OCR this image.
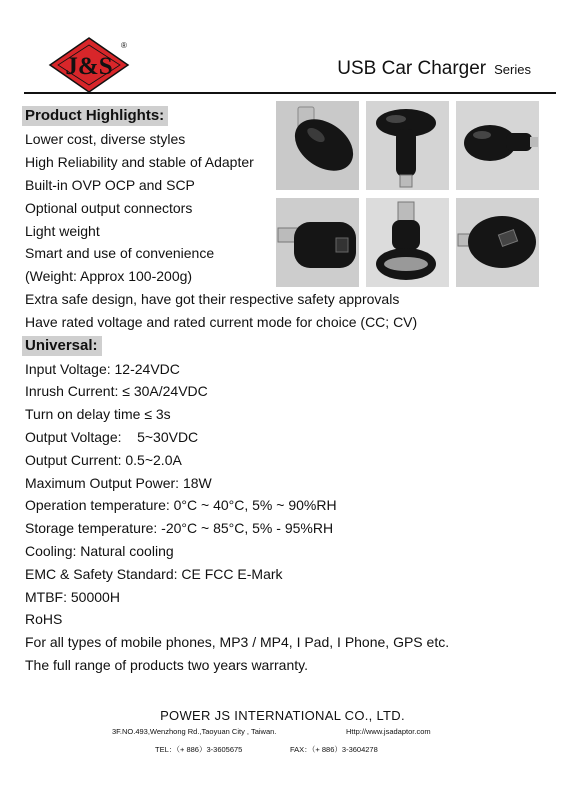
J&S
®
USB Car Charger Series
Product Highlights:
Lower cost, diverse styles
High Reliability and stable of Adapter
Built-in OVP OCP and SCP
Optional output connectors
Light weight
Smart and use of convenience
(Weight: Approx 100-200g)
Extra safe design, have got their respective safety approvals
Have rated voltage and rated current mode for choice (CC; CV)
Universal:
Input Voltage: 12-24VDC
Inrush Current: ≤ 30A/24VDC
Turn on delay time ≤ 3s
Output Voltage:    5~30VDC
Output Current: 0.5~2.0A
Maximum Output Power: 18W
Operation temperature: 0°C ~ 40°C, 5% ~ 90%RH
Storage temperature: -20°C ~ 85°C, 5% - 95%RH
Cooling: Natural cooling
EMC & Safety Standard: CE FCC E-Mark
MTBF: 50000H
RoHS
For all types of mobile phones, MP3 / MP4, I Pad, I Phone, GPS etc.
The full range of products two years warranty.
POWER JS INTERNATIONAL CO., LTD.
3F.NO.493,Wenzhong Rd.,Taoyuan City , Taiwan.	Http://www.jsadaptor.com
TEL：（+ 886）3-3605675	FAX：（+ 886）3-3604278
